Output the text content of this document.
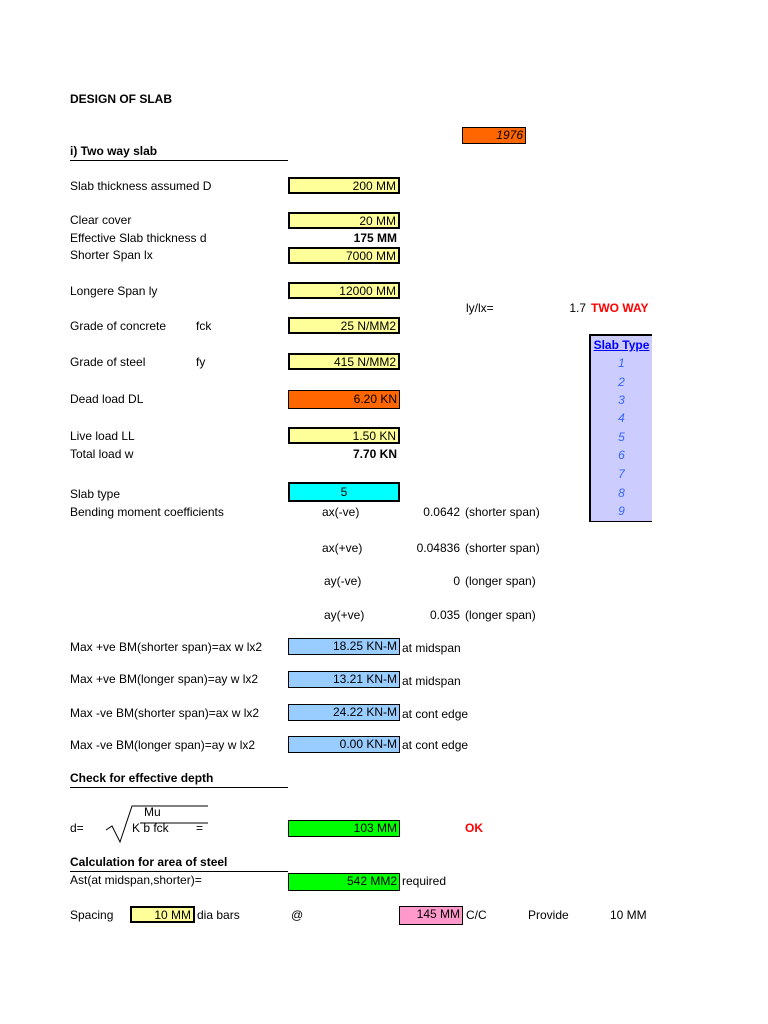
DESIGN OF SLAB
1976
i) Two way slab
Slab thickness assumed D	200 MM
Clear cover	20 MM
Effective Slab thickness d	175 MM
Shorter Span lx	7000 MM
Longere Span ly	12000 MM
ly/lx=	1.7 TWO WAY
Grade of concrete fck	25 N/MM2
Grade of steel	fy	415 N/MM2
Dead load DL	6.20 KN
Live load LL	1.50 KN
Total load w	7.70 KN
Slab type	5
Slab Type
1
2
3
4
5
6
7
8
9
Bending moment coefficients	ax(-ve)	0.0642 (shorter span)
ax(+ve)	0.04836 (shorter span)
ay(-ve)	0 (longer span)
ay(+ve)	0.035 (longer span)
Max +ve BM(shorter span)=ax w lx2	18.25 KN-M at midspan
Max +ve BM(longer span)=ay w lx2	13.21 KN-M at midspan
Max -ve BM(shorter span)=ax w lx2	24.22 KN-M at cont edge
Max -ve BM(longer span)=ay w lx2	0.00 KN-M at cont edge
Check for effective depth
d=
Mu
K b fck =	103 MM	OK
Calculation for area of steel
Ast(at midspan,shorter)=	542 MM2 required
Spacing	10 MM dia bars	@	145 MM C/C	Provide	10 MM
